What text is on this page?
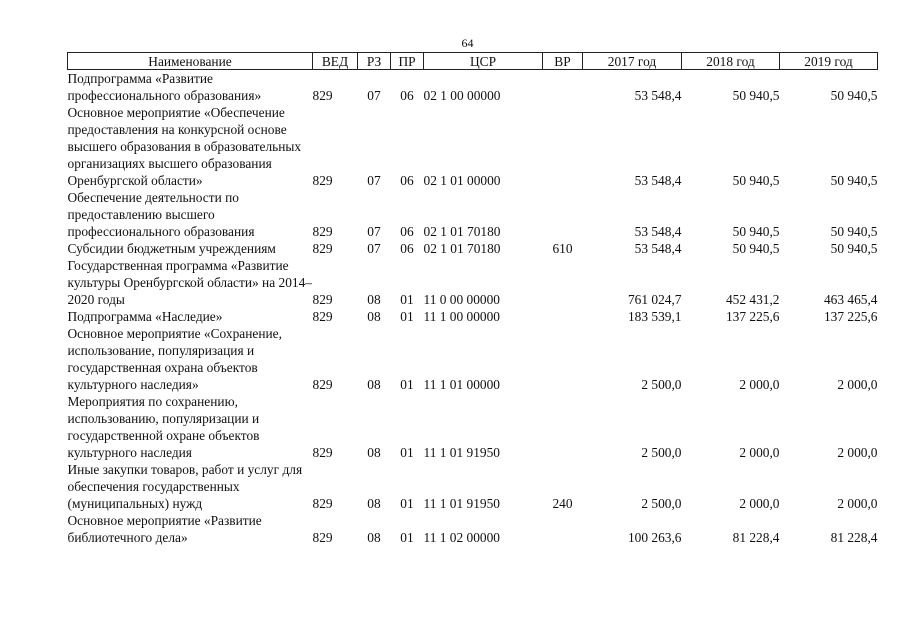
64
Наименование	ВЕД	РЗ	ПР	ЦСР	ВР	2017 год	2018 год	2019 год
Подпрограмма «Развитие профессионального образования»	829	07	06	02 1 00 00000		53 548,4	50 940,5	50 940,5
Основное мероприятие «Обеспечение предоставления на конкурсной основе высшего образования в образовательных организациях высшего образования Оренбургской области»	829	07	06	02 1 01 00000		53 548,4	50 940,5	50 940,5
Обеспечение деятельности по предоставлению высшего профессионального образования	829	07	06	02 1 01 70180		53 548,4	50 940,5	50 940,5
Субсидии бюджетным учреждениям	829	07	06	02 1 01 70180	610	53 548,4	50 940,5	50 940,5
Государственная программа «Развитие культуры Оренбургской области» на 2014–2020 годы	829	08	01	11 0 00 00000		761 024,7	452 431,2	463 465,4
Подпрограмма «Наследие»	829	08	01	11 1 00 00000		183 539,1	137 225,6	137 225,6
Основное мероприятие «Сохранение, использование, популяризация и государственная охрана объектов культурного наследия»	829	08	01	11 1 01 00000		2 500,0	2 000,0	2 000,0
Мероприятия по сохранению, использованию, популяризации и государственной охране объектов культурного наследия	829	08	01	11 1 01 91950		2 500,0	2 000,0	2 000,0
Иные закупки товаров, работ и услуг для обеспечения государственных (муниципальных) нужд	829	08	01	11 1 01 91950	240	2 500,0	2 000,0	2 000,0
Основное мероприятие «Развитие библиотечного дела»	829	08	01	11 1 02 00000		100 263,6	81 228,4	81 228,4
